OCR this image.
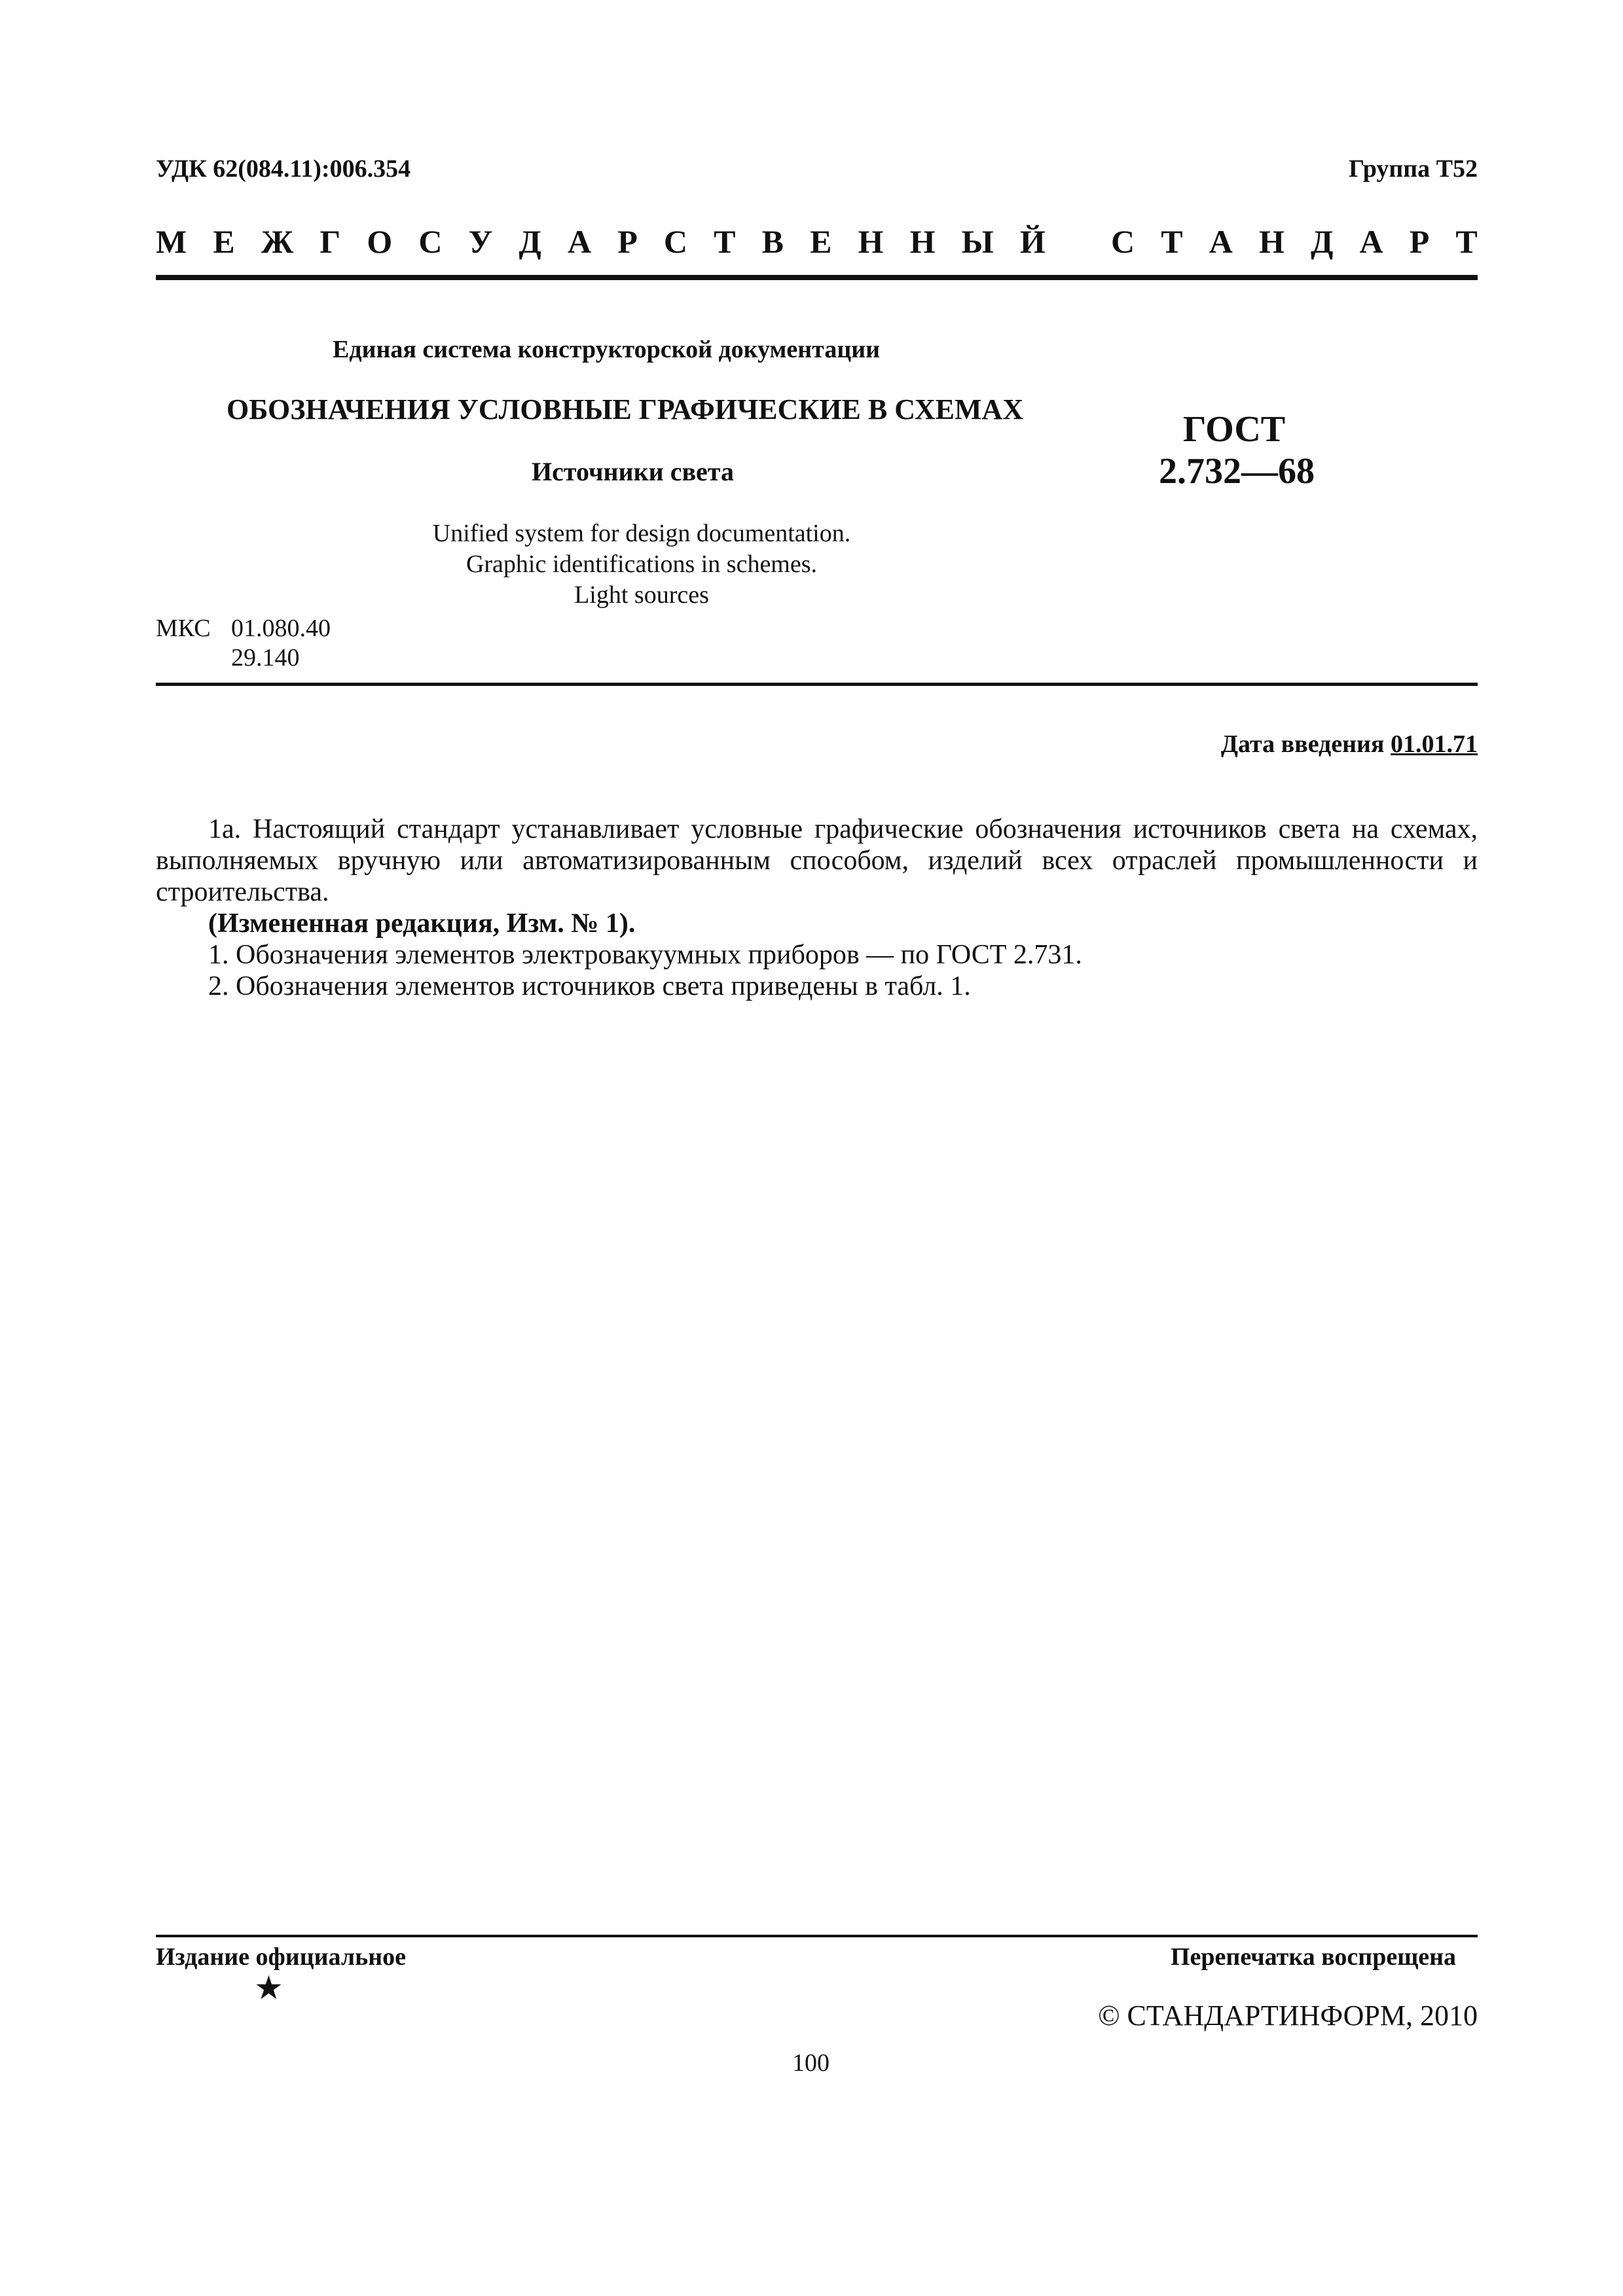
УДК 62(084.11):006.354	Группа Т52
М Е Ж Г О С У Д А Р С Т В Е Н Н Ы Й С Т А Н Д А Р Т
Единая система конструкторской документации
ОБОЗНАЧЕНИЯ УСЛОВНЫЕ ГРАФИЧЕСКИЕ В СХЕМАХ
Источники света
ГОСТ
2.732—68
Unified system for design documentation.
Graphic identifications in schemes.
Light sources
МКС 01.080.40
29.140
Дата введения 01.01.71

1а. Настоящий стандарт устанавливает условные графические обозначения источников света на схемах, выполняемых вручную или автоматизированным способом, изделий всех отраслей промышленности и строительства.

(Измененная редакция, Изм. № 1).

1. Обозначения элементов электровакуумных приборов — по ГОСТ 2.731.

2. Обозначения элементов источников света приведены в табл. 1.

Издание официальное	Перепечатка воспрещена
★
© СТАНДАРТИНФОРМ, 2010
100
